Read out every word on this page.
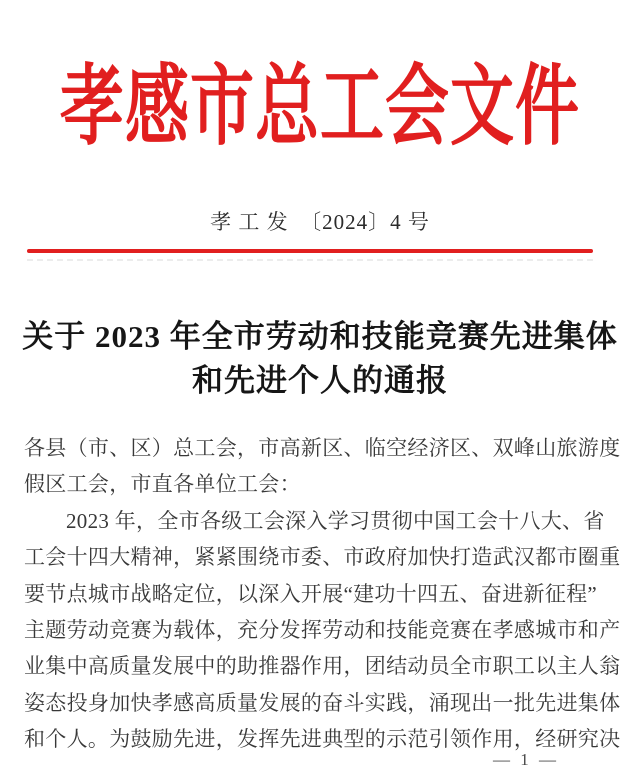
孝感市总工会文件
孝 工 发　〔2024〕4 号
关于 2023 年全市劳动和技能竞赛先进集体
和先进个人的通报
各县（市、区）总工会，市高新区、临空经济区、双峰山旅游度
假区工会，市直各单位工会：
2023 年，全市各级工会深入学习贯彻中国工会十八大、省
工会十四大精神，紧紧围绕市委、市政府加快打造武汉都市圈重
要节点城市战略定位，以深入开展“建功十四五、奋进新征程”
主题劳动竞赛为载体，充分发挥劳动和技能竞赛在孝感城市和产
业集中高质量发展中的助推器作用，团结动员全市职工以主人翁
姿态投身加快孝感高质量发展的奋斗实践，涌现出一批先进集体
和个人。为鼓励先进，发挥先进典型的示范引领作用，经研究决
— 1 —
